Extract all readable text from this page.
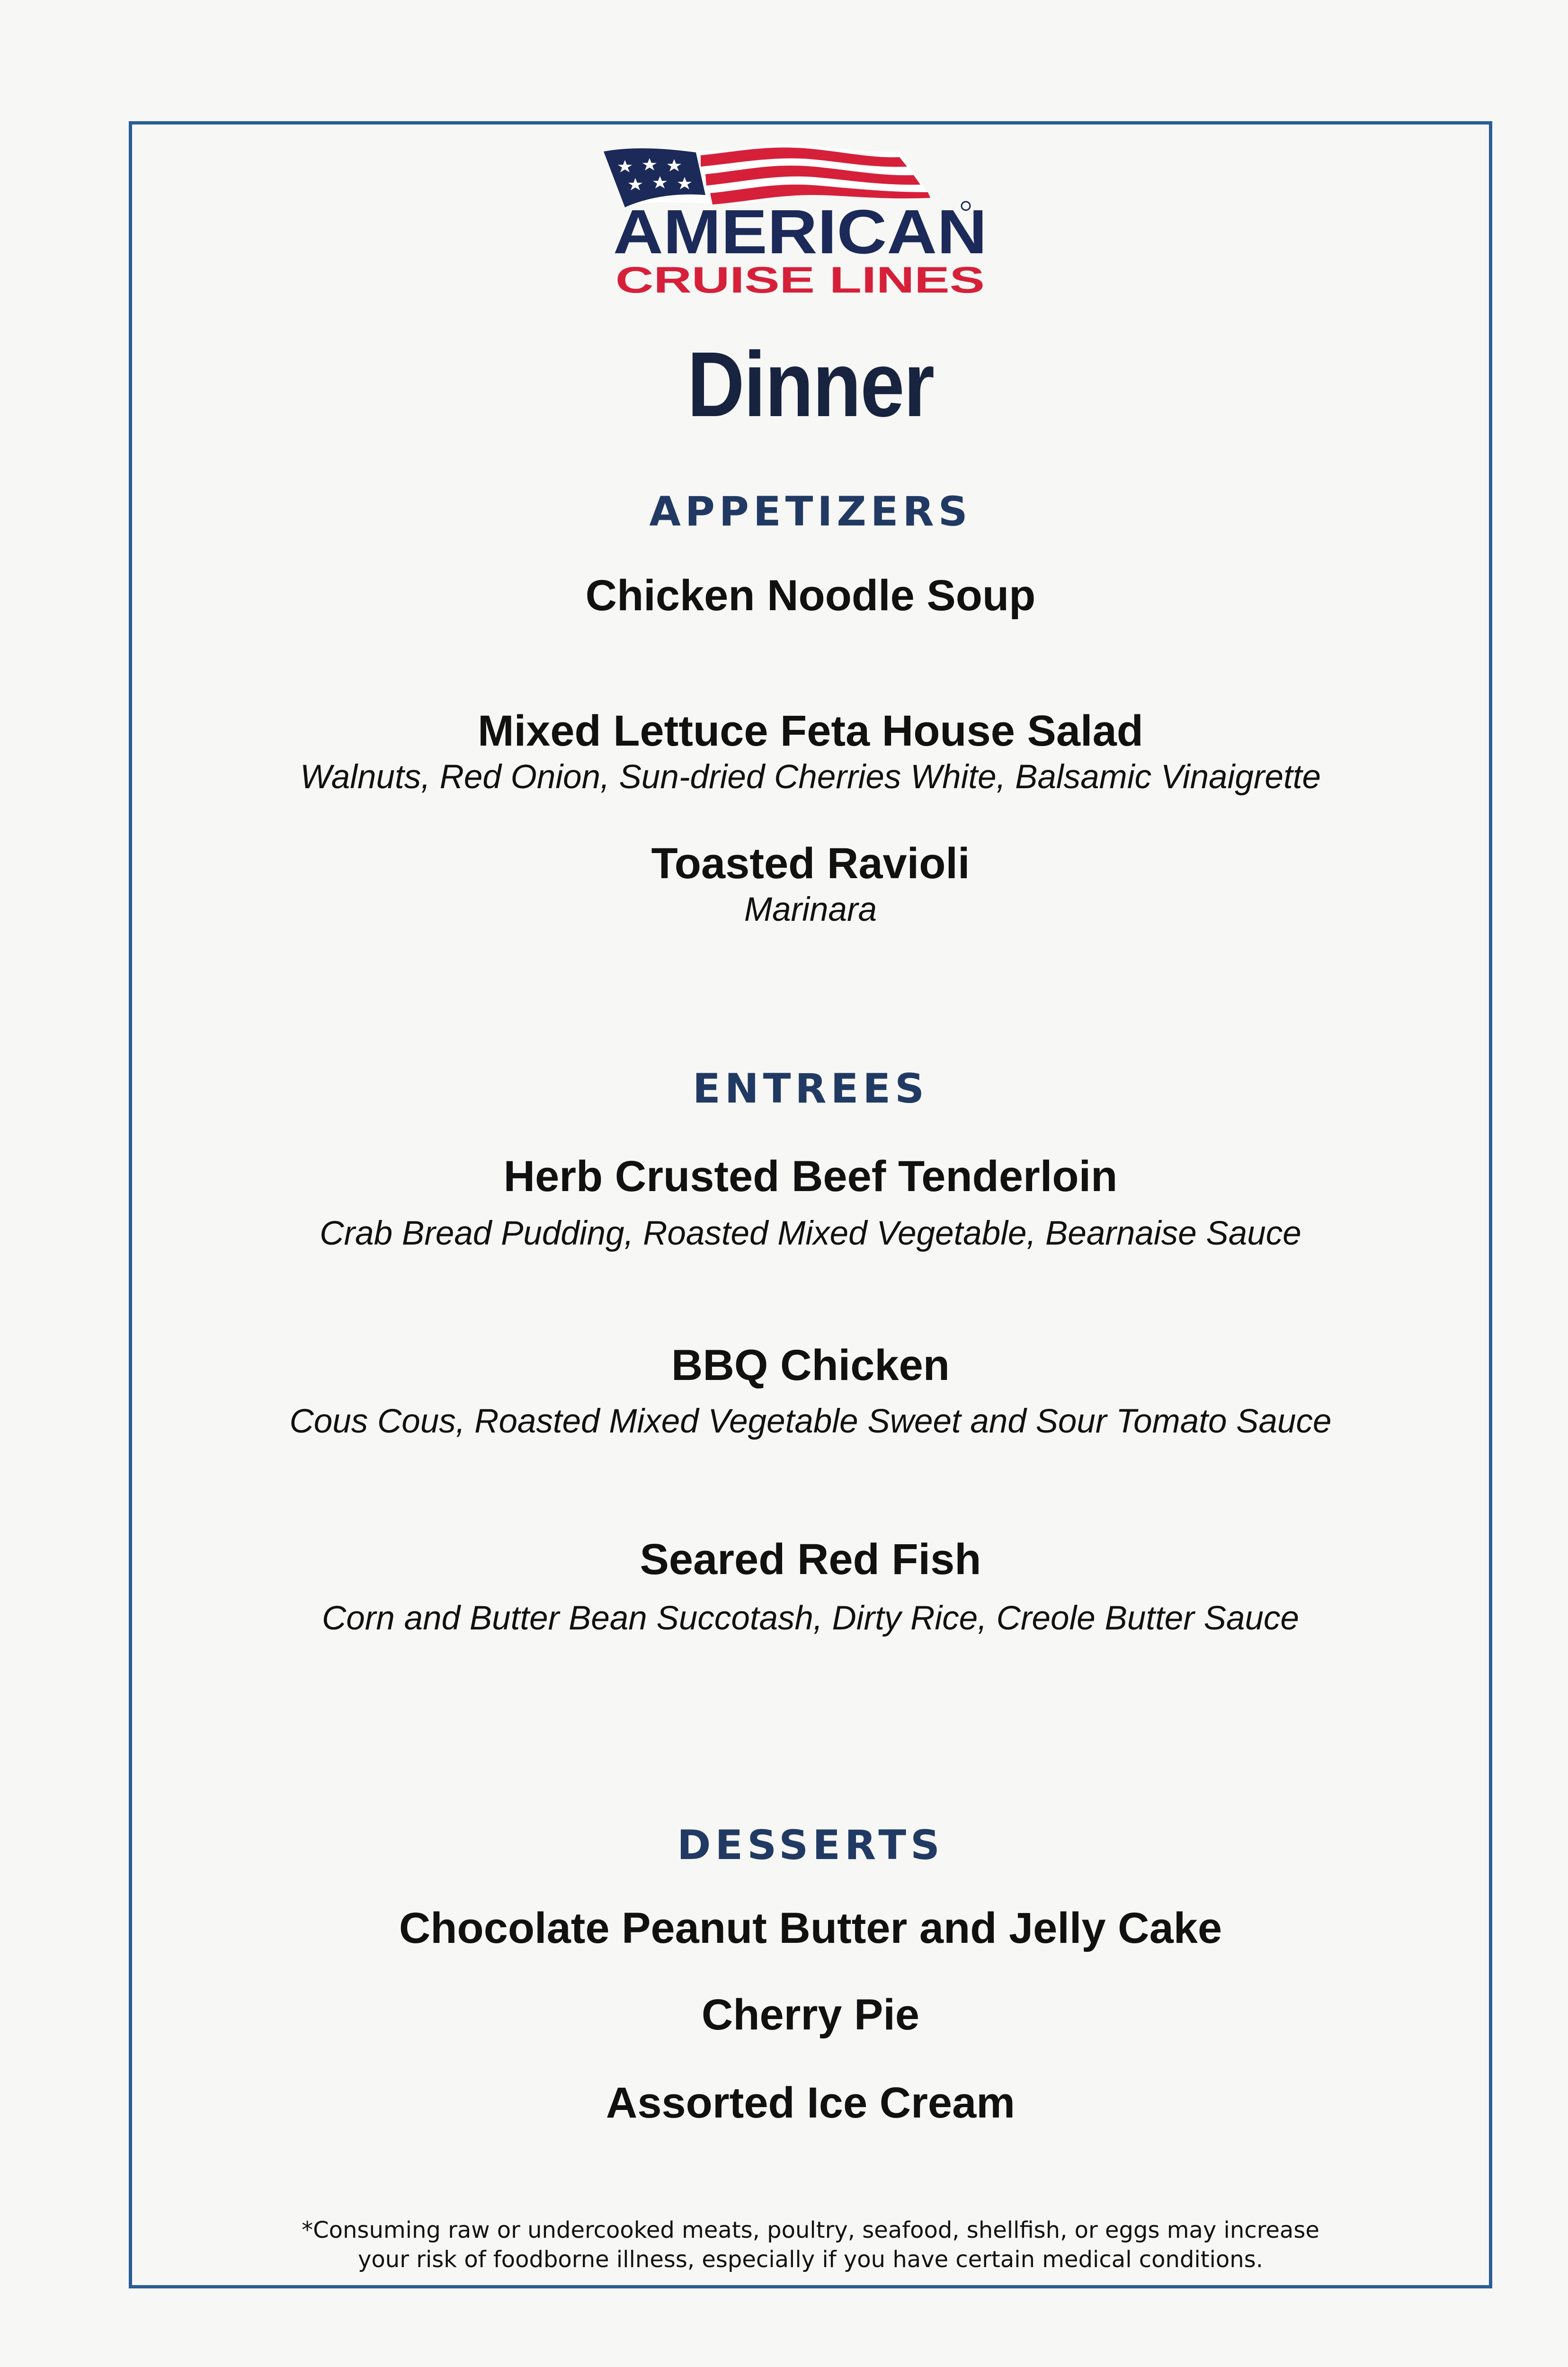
AMERICAN
CRUISE LINES
Dinner
APPETIZERS
Chicken Noodle Soup
Mixed Lettuce Feta House Salad
Walnuts, Red Onion, Sun-dried Cherries White, Balsamic Vinaigrette
Toasted Ravioli
Marinara
ENTREES
Herb Crusted Beef Tenderloin
Crab Bread Pudding, Roasted Mixed Vegetable, Bearnaise Sauce
BBQ Chicken
Cous Cous, Roasted Mixed Vegetable Sweet and Sour Tomato Sauce
Seared Red Fish
Corn and Butter Bean Succotash, Dirty Rice, Creole Butter Sauce
DESSERTS
Chocolate Peanut Butter and Jelly Cake
Cherry Pie
Assorted Ice Cream
*Consuming raw or undercooked meats, poultry, seafood, shellfish, or eggs may increase
your risk of foodborne illness, especially if you have certain medical conditions.
